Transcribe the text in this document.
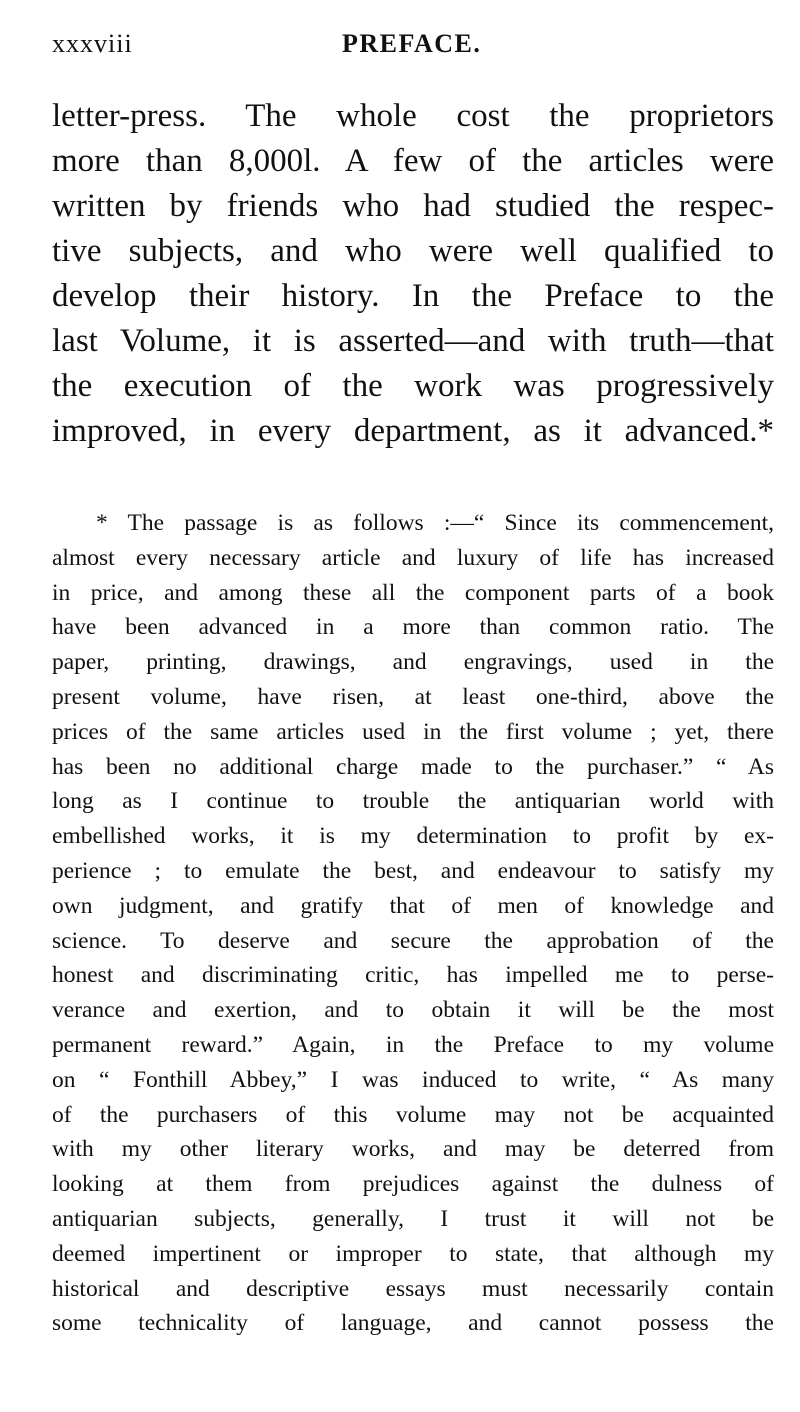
xxxviii	PREFACE.
letter-press. The whole cost the proprietors
more than 8,000l. A few of the articles were
written by friends who had studied the respec-
tive subjects, and who were well qualified to
develop their history. In the Preface to the
last Volume, it is asserted—and with truth—that
the execution of the work was progressively
improved, in every department, as it advanced.*
* The passage is as follows :—“ Since its commencement,
almost every necessary article and luxury of life has increased
in price, and among these all the component parts of a book
have been advanced in a more than common ratio. The
paper, printing, drawings, and engravings, used in the
present volume, have risen, at least one-third, above the
prices of the same articles used in the first volume ; yet, there
has been no additional charge made to the purchaser.” “ As
long as I continue to trouble the antiquarian world with
embellished works, it is my determination to profit by ex-
perience ; to emulate the best, and endeavour to satisfy my
own judgment, and gratify that of men of knowledge and
science. To deserve and secure the approbation of the
honest and discriminating critic, has impelled me to perse-
verance and exertion, and to obtain it will be the most
permanent reward.” Again, in the Preface to my volume
on “ Fonthill Abbey,” I was induced to write, “ As many
of the purchasers of this volume may not be acquainted
with my other literary works, and may be deterred from
looking at them from prejudices against the dulness of
antiquarian subjects, generally, I trust it will not be
deemed impertinent or improper to state, that although my
historical and descriptive essays must necessarily contain
some technicality of language, and cannot possess the
